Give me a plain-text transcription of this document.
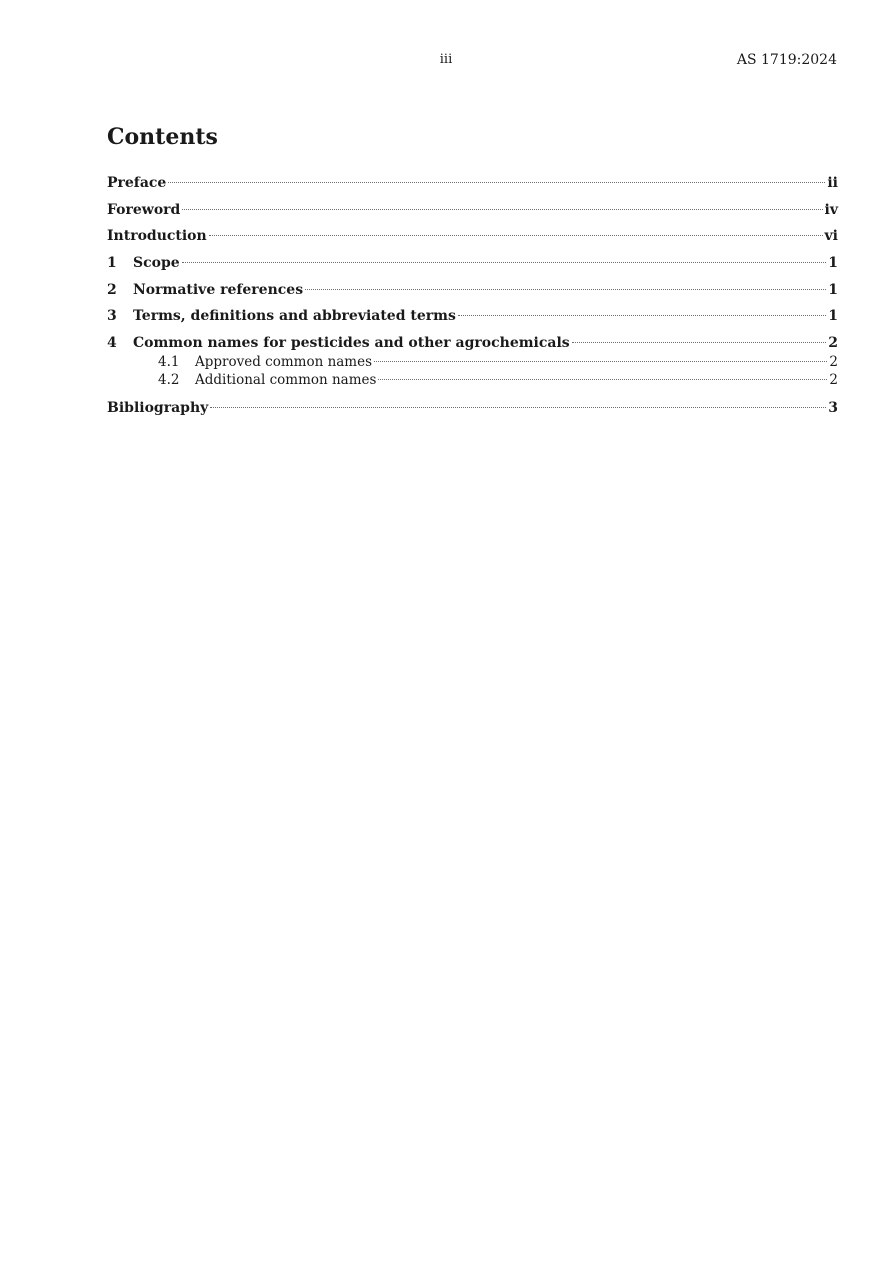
iii	AS 1719:2024
Contents
Preface	ii
Foreword	iv
Introduction	vi
1	Scope	1
2	Normative references	1
3	Terms, definitions and abbreviated terms	1
4	Common names for pesticides and other agrochemicals	2
4.1	Approved common names	2
4.2	Additional common names	2
Bibliography	3
